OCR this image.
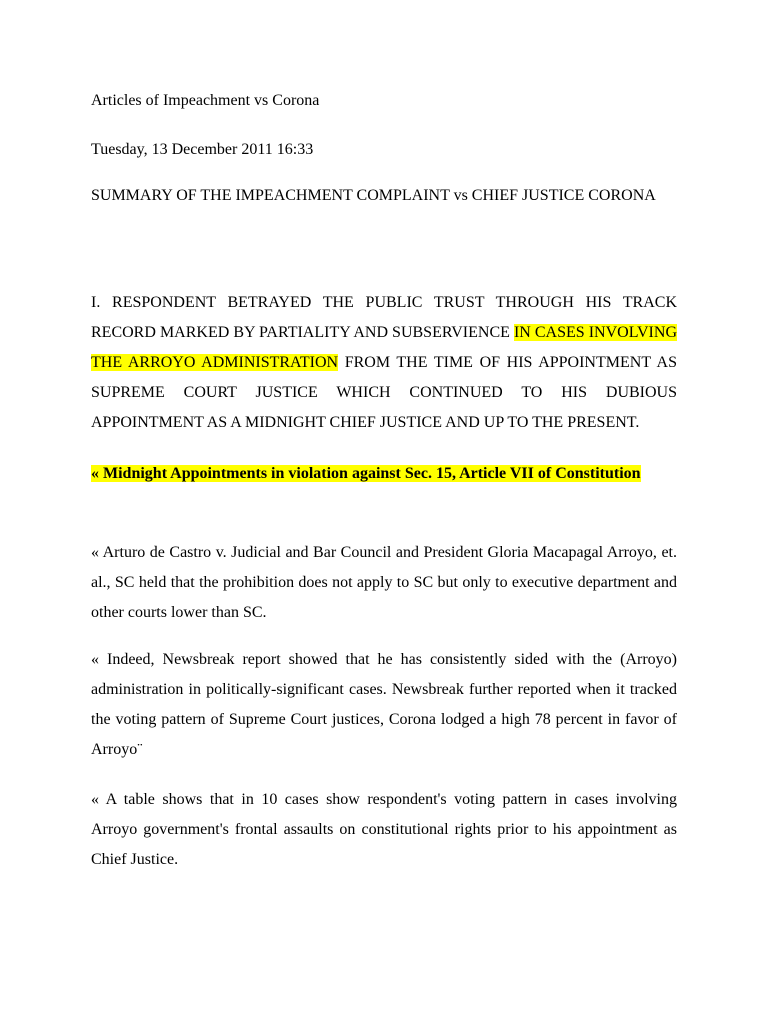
Articles of Impeachment vs Corona

Tuesday, 13 December 2011 16:33

SUMMARY OF THE IMPEACHMENT COMPLAINT vs CHIEF JUSTICE CORONA

I. RESPONDENT BETRAYED THE PUBLIC TRUST THROUGH HIS TRACK RECORD MARKED BY PARTIALITY AND SUBSERVIENCE IN CASES INVOLVING THE ARROYO ADMINISTRATION FROM THE TIME OF HIS APPOINTMENT AS SUPREME COURT JUSTICE WHICH CONTINUED TO HIS DUBIOUS APPOINTMENT AS A MIDNIGHT CHIEF JUSTICE AND UP TO THE PRESENT.

« Midnight Appointments in violation against Sec. 15, Article VII of Constitution

« Arturo de Castro v. Judicial and Bar Council and President Gloria Macapagal Arroyo, et. al., SC held that the prohibition does not apply to SC but only to executive department and other courts lower than SC.

« Indeed, Newsbreak report showed that he has consistently sided with the (Arroyo) administration in politically-significant cases. Newsbreak further reported when it tracked the voting pattern of Supreme Court justices, Corona lodged a high 78 percent in favor of Arroyo¨

« A table shows that in 10 cases show respondent's voting pattern in cases involving Arroyo government's frontal assaults on constitutional rights prior to his appointment as Chief Justice.
